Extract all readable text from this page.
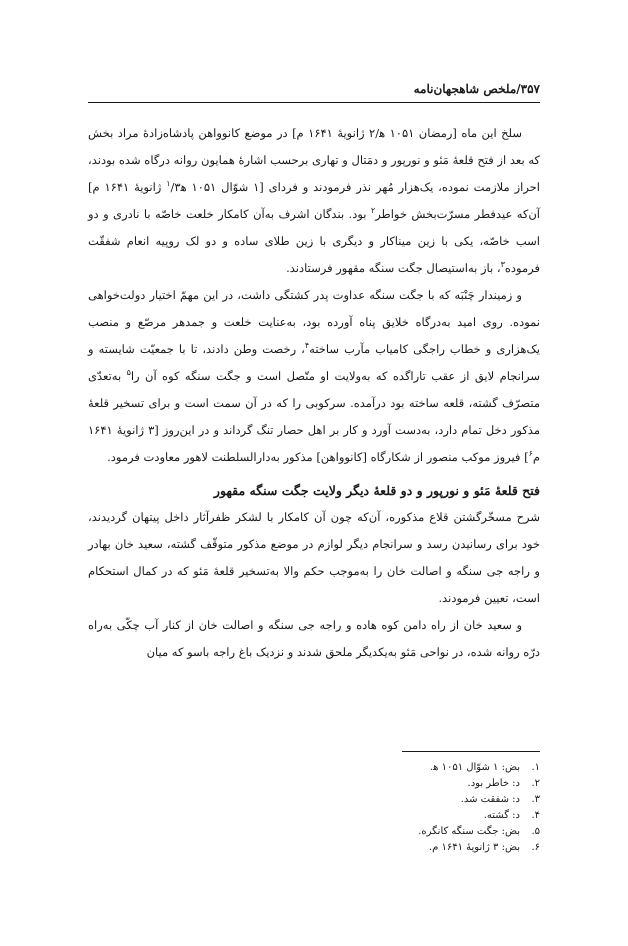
۳۵۷/ملخص شاهجهان‌نامه

سلخ این ماه [رمضان ۱۰۵۱ ﻫ/۲ ژانویهٔ ۱۶۴۱ م] در موضع کانوواهن پادشاه‌زادهٔ مراد بخش که بعد از فتح قلعهٔ مَئو و نورپور و دمَتال و تهاری برحسب اشارهٔ همایون روانه درگاه شده بودند، احراز ملازمت نموده، یک‌هزار مُهر نذر فرمودند و فردای [۱ شوّال ۱۰۵۱ ﻫ$^۱$/۳ ژانویهٔ ۱۶۴۱ م] آن‌که عیدفطر مسرّت‌بخش خواطر$^۲$ بود. بندگان اشرف به‌آن کامکار خلعت خاصّه با نادری و دو اسب خاصّه، یکی با زین میناکار و دیگری با زین طلای ساده و دو لک روپیه انعام شفقّت فرموده$^۳$، باز به‌استیصال جگت سنگه مقهور فرستادند.

و زمیندار چَنْبَه که با جگت سنگه عداوت پدر کشتگی داشت، در این مهمّ اختیار دولت‌خواهی نموده. روی امید به‌درگاه خلایق پناه آورده بود، به‌عنایت خلعت و جمدهر مرصّع و منصب یک‌هزاری و خطاب راجگی کامیاب مآرب ساخته$^۴$، رخصت وطن دادند، تا با جمعیّت شایسته و سرانجام لایق از عقب تاراگده که به‌ولایت او متّصل است و جگت سنگه کوه آن را$^۵$ به‌تعدّی متصرّف گشته، قلعه ساخته بود درآمده. سرکوبی را که در آن سمت است و برای تسخیر قلعهٔ مذکور دخل تمام دارد، به‌دست آورد و کار بر اهل حصار تنگ گرداند و در این‌روز [۳ ژانویهٔ ۱۶۴۱ م$^۶$] فیروز موکب منصور از شکارگاه [کانوواهن] مذکور به‌دارالسلطنت لاهور معاودت فرمود.

فتح قلعهٔ مَئو و نورپور و دو قلعهٔ دیگر ولایت جگت سنگه مقهور

شرح مسخّرگشتن قلاع مذکوره، آن‌که چون آن کامکار با لشکر ظفرآثار داخل پیتهان گردیدند، خود برای رسانیدن رسد و سرانجام دیگر لوازم در موضع مذکور متوقّف گشته، سعید خان بهادر و راجه جی سنگه و اصالت خان را به‌موجب حکم والا به‌تسخیر قلعهٔ مَئو که در کمال استحکام است، تعیین فرمودند.

و سعید خان از راه دامن کوه هاده و راجه جی سنگه و اصالت خان از کنار آب چکّی به‌راه درّه روانه شده، در نواحی مَئو به‌یکدیگر ملحق شدند و نزدیک باغ راجه باسو که میان

۱.
بض: ۱ شوّال ۱۰۵۱ ﻫ.
۲.
د: خاطر بود.
۳.
د: شفقت شد.
۴.
د: گشته.
۵.
بض: جگت سنگه کانگره.
۶.
بض: ۳ ژانویهٔ ۱۶۴۱ م.
